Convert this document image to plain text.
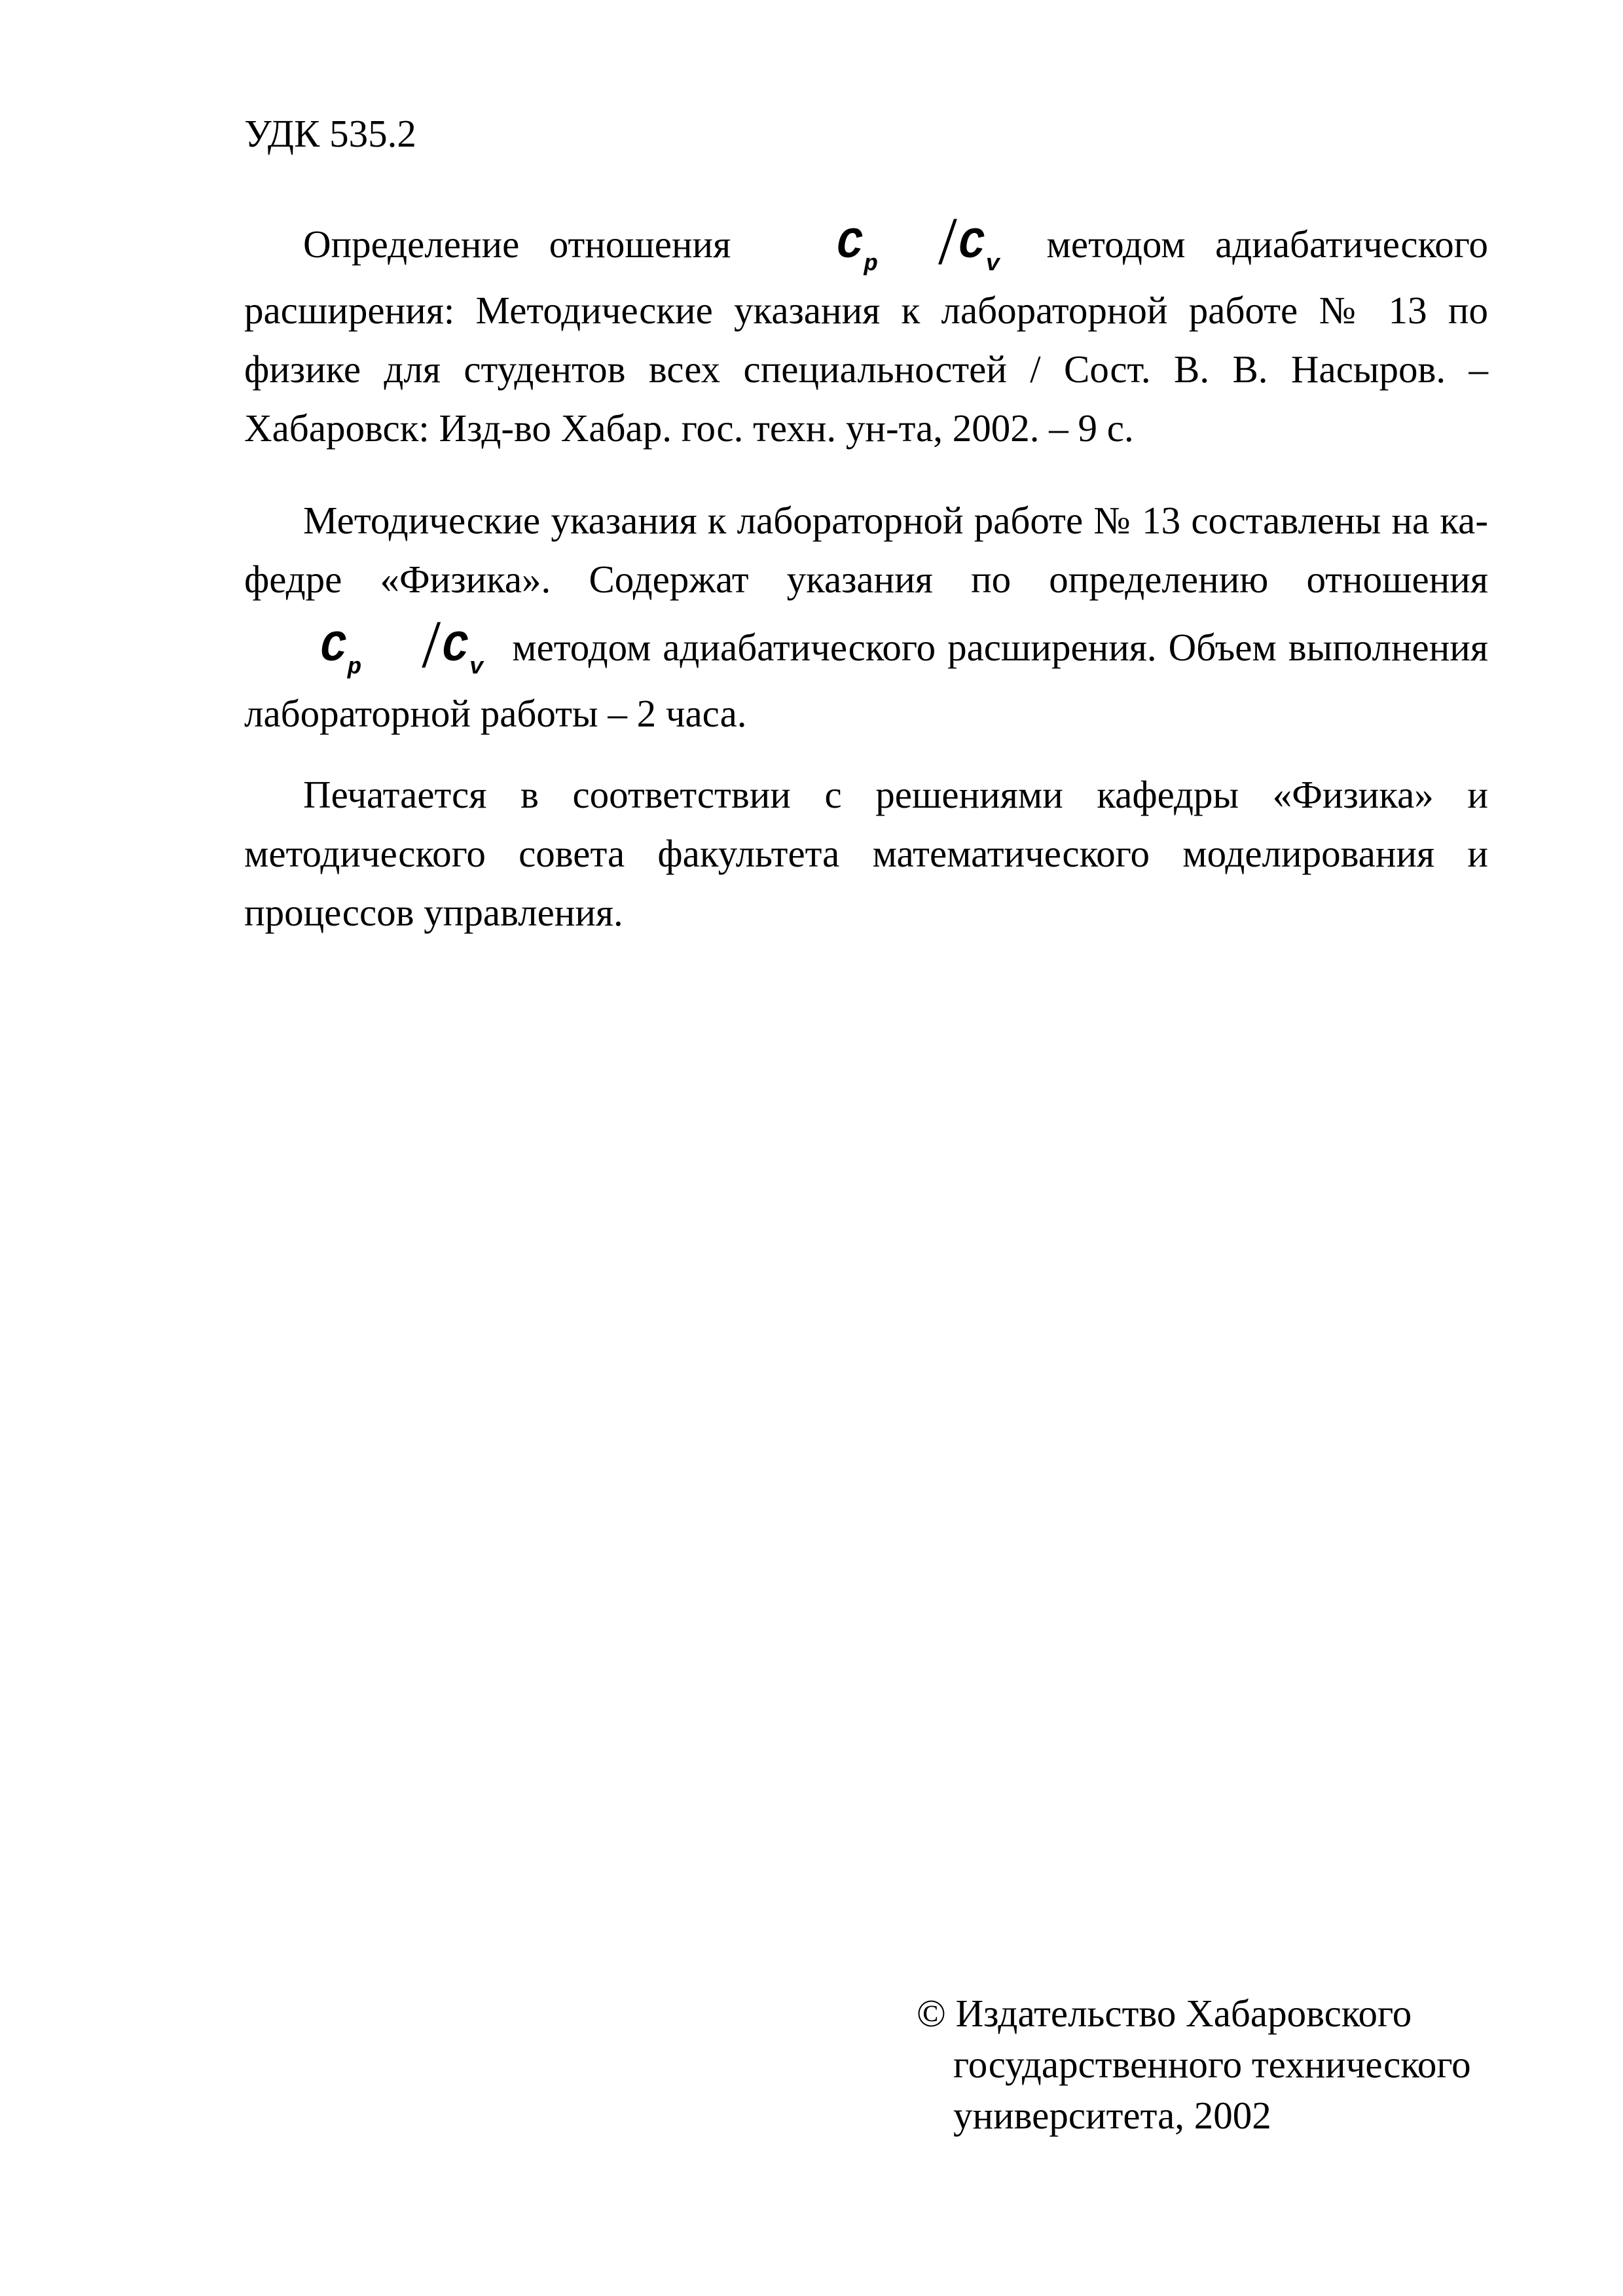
УДК 535.2
Определение отношения $C_p$ $/C_v$ методом адиабатического расширения: Методические указания к лабораторной работе № 13 по физике для студентов всех специальностей / Сост. В. В. Насыров. – Хабаровск: Изд-во Хабар. гос. техн. ун-та, 2002. – 9 с.
Методические указания к лабораторной работе № 13 составлены на кафедре «Физика». Содержат указания по определению отношения $C_p$ $/C_v$ методом адиабатического расширения. Объем выполнения лабораторной работы – 2 часа.
Печатается в соответствии с решениями кафедры «Физика» и методического совета факультета математического моделирования и процессов управления.
© Издательство Хабаровского
государственного технического
университета, 2002
